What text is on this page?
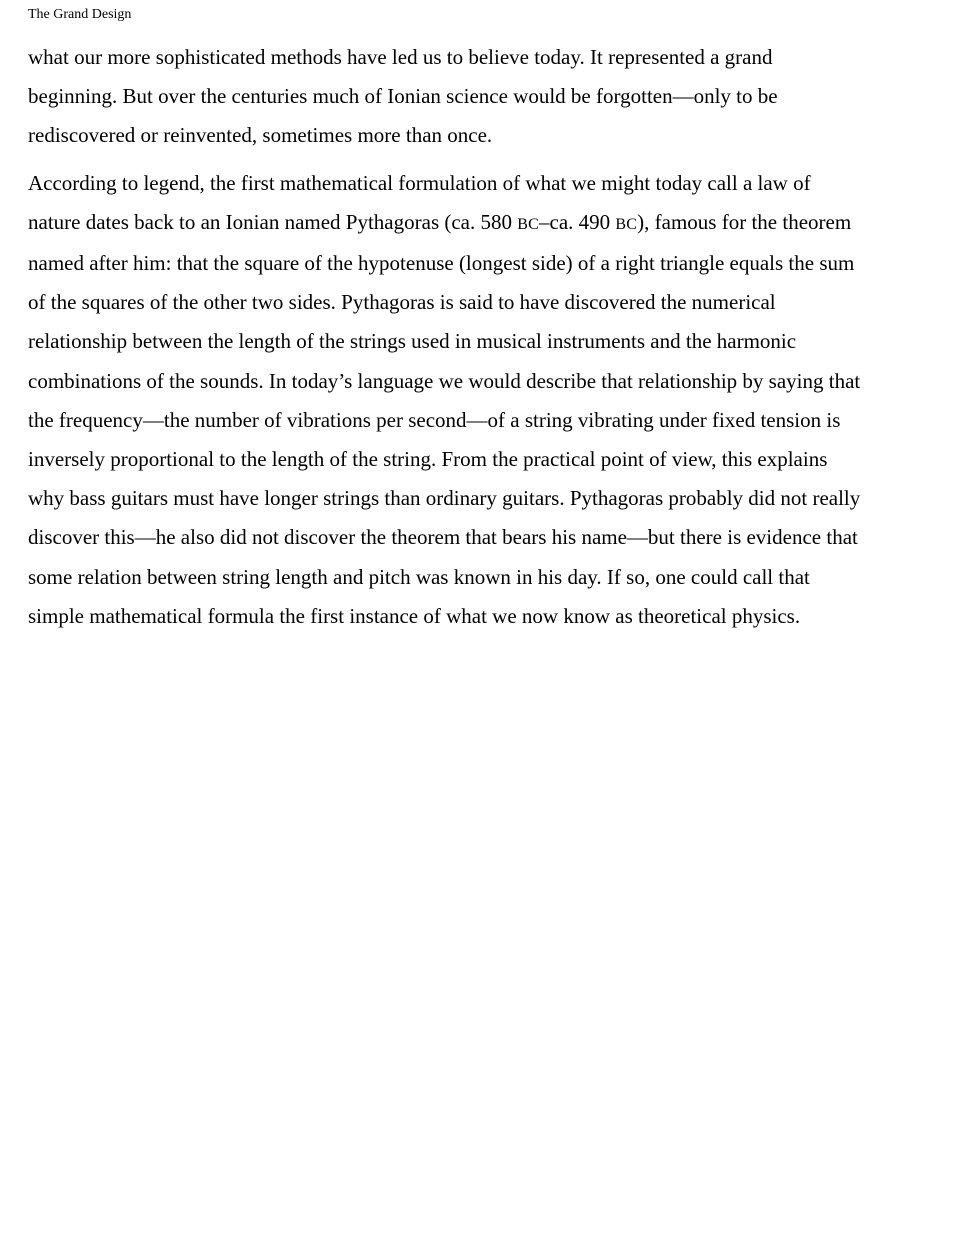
The Grand Design

what our more sophisticated methods have led us to believe today. It represented a grand
beginning. But over the centuries much of Ionian science would be forgotten—only to be
rediscovered or reinvented, sometimes more than once.

According to legend, the first mathematical formulation of what we might today call a law of
nature dates back to an Ionian named Pythagoras (ca. 580 BC–ca. 490 BC), famous for the theorem
named after him: that the square of the hypotenuse (longest side) of a right triangle equals the sum
of the squares of the other two sides. Pythagoras is said to have discovered the numerical
relationship between the length of the strings used in musical instruments and the harmonic
combinations of the sounds. In today’s language we would describe that relationship by saying that
the frequency—the number of vibrations per second—of a string vibrating under fixed tension is
inversely proportional to the length of the string. From the practical point of view, this explains
why bass guitars must have longer strings than ordinary guitars. Pythagoras probably did not really
discover this—he also did not discover the theorem that bears his name—but there is evidence that
some relation between string length and pitch was known in his day. If so, one could call that
simple mathematical formula the first instance of what we now know as theoretical physics.
